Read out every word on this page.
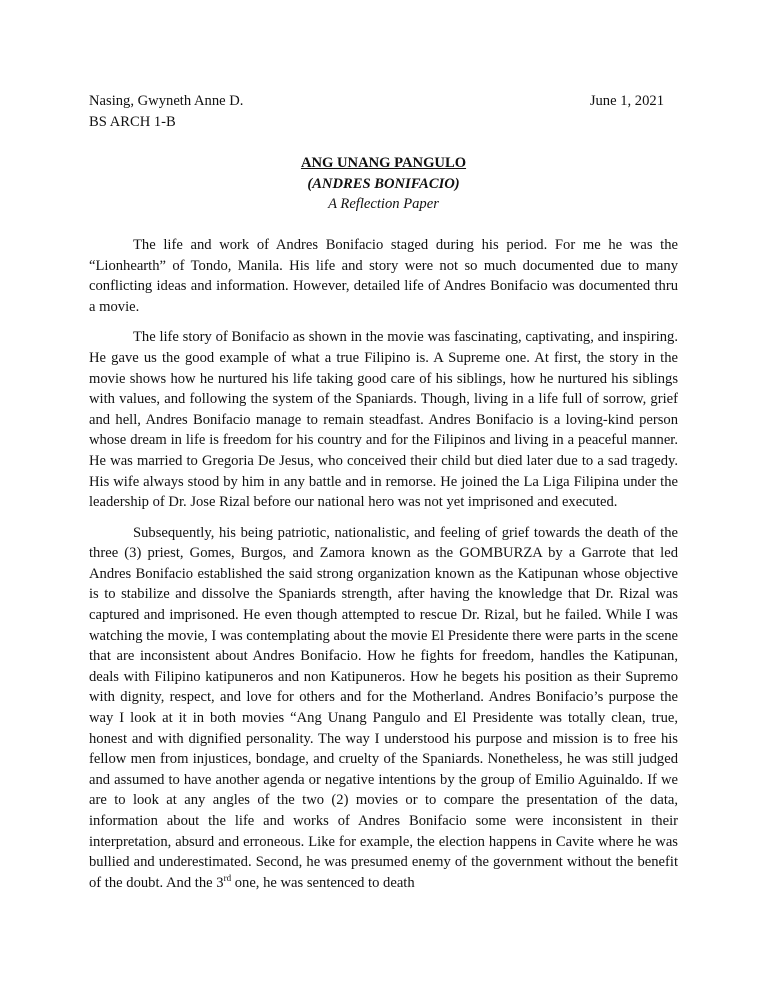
Nasing, Gwyneth Anne D.
BS ARCH 1-B
June 1, 2021
ANG UNANG PANGULO
(ANDRES BONIFACIO)
A Reflection Paper

The life and work of Andres Bonifacio staged during his period. For me he was the “Lionhearth” of Tondo, Manila. His life and story were not so much documented due to many conflicting ideas and information. However, detailed life of Andres Bonifacio was documented thru a movie.

The life story of Bonifacio as shown in the movie was fascinating, captivating, and inspiring. He gave us the good example of what a true Filipino is. A Supreme one. At first, the story in the movie shows how he nurtured his life taking good care of his siblings, how he nurtured his siblings with values, and following the system of the Spaniards. Though, living in a life full of sorrow, grief and hell, Andres Bonifacio manage to remain steadfast. Andres Bonifacio is a loving-kind person whose dream in life is freedom for his country and for the Filipinos and living in a peaceful manner. He was married to Gregoria De Jesus, who conceived their child but died later due to a sad tragedy. His wife always stood by him in any battle and in remorse. He joined the La Liga Filipina under the leadership of Dr. Jose Rizal before our national hero was not yet imprisoned and executed.

Subsequently, his being patriotic, nationalistic, and feeling of grief towards the death of the three (3) priest, Gomes, Burgos, and Zamora known as the GOMBURZA by a Garrote that led Andres Bonifacio established the said strong organization known as the Katipunan whose objective is to stabilize and dissolve the Spaniards strength, after having the knowledge that Dr. Rizal was captured and imprisoned. He even though attempted to rescue Dr. Rizal, but he failed. While I was watching the movie, I was contemplating about the movie El Presidente there were parts in the scene that are inconsistent about Andres Bonifacio. How he fights for freedom, handles the Katipunan, deals with Filipino katipuneros and non Katipuneros. How he begets his position as their Supremo with dignity, respect, and love for others and for the Motherland. Andres Bonifacio’s purpose the way I look at it in both movies “Ang Unang Pangulo and El Presidente was totally clean, true, honest and with dignified personality. The way I understood his purpose and mission is to free his fellow men from injustices, bondage, and cruelty of the Spaniards. Nonetheless, he was still judged and assumed to have another agenda or negative intentions by the group of Emilio Aguinaldo. If we are to look at any angles of the two (2) movies or to compare the presentation of the data, information about the life and works of Andres Bonifacio some were inconsistent in their interpretation, absurd and erroneous. Like for example, the election happens in Cavite where he was bullied and underestimated. Second, he was presumed enemy of the government without the benefit of the doubt. And the 3rd one, he was sentenced to death
